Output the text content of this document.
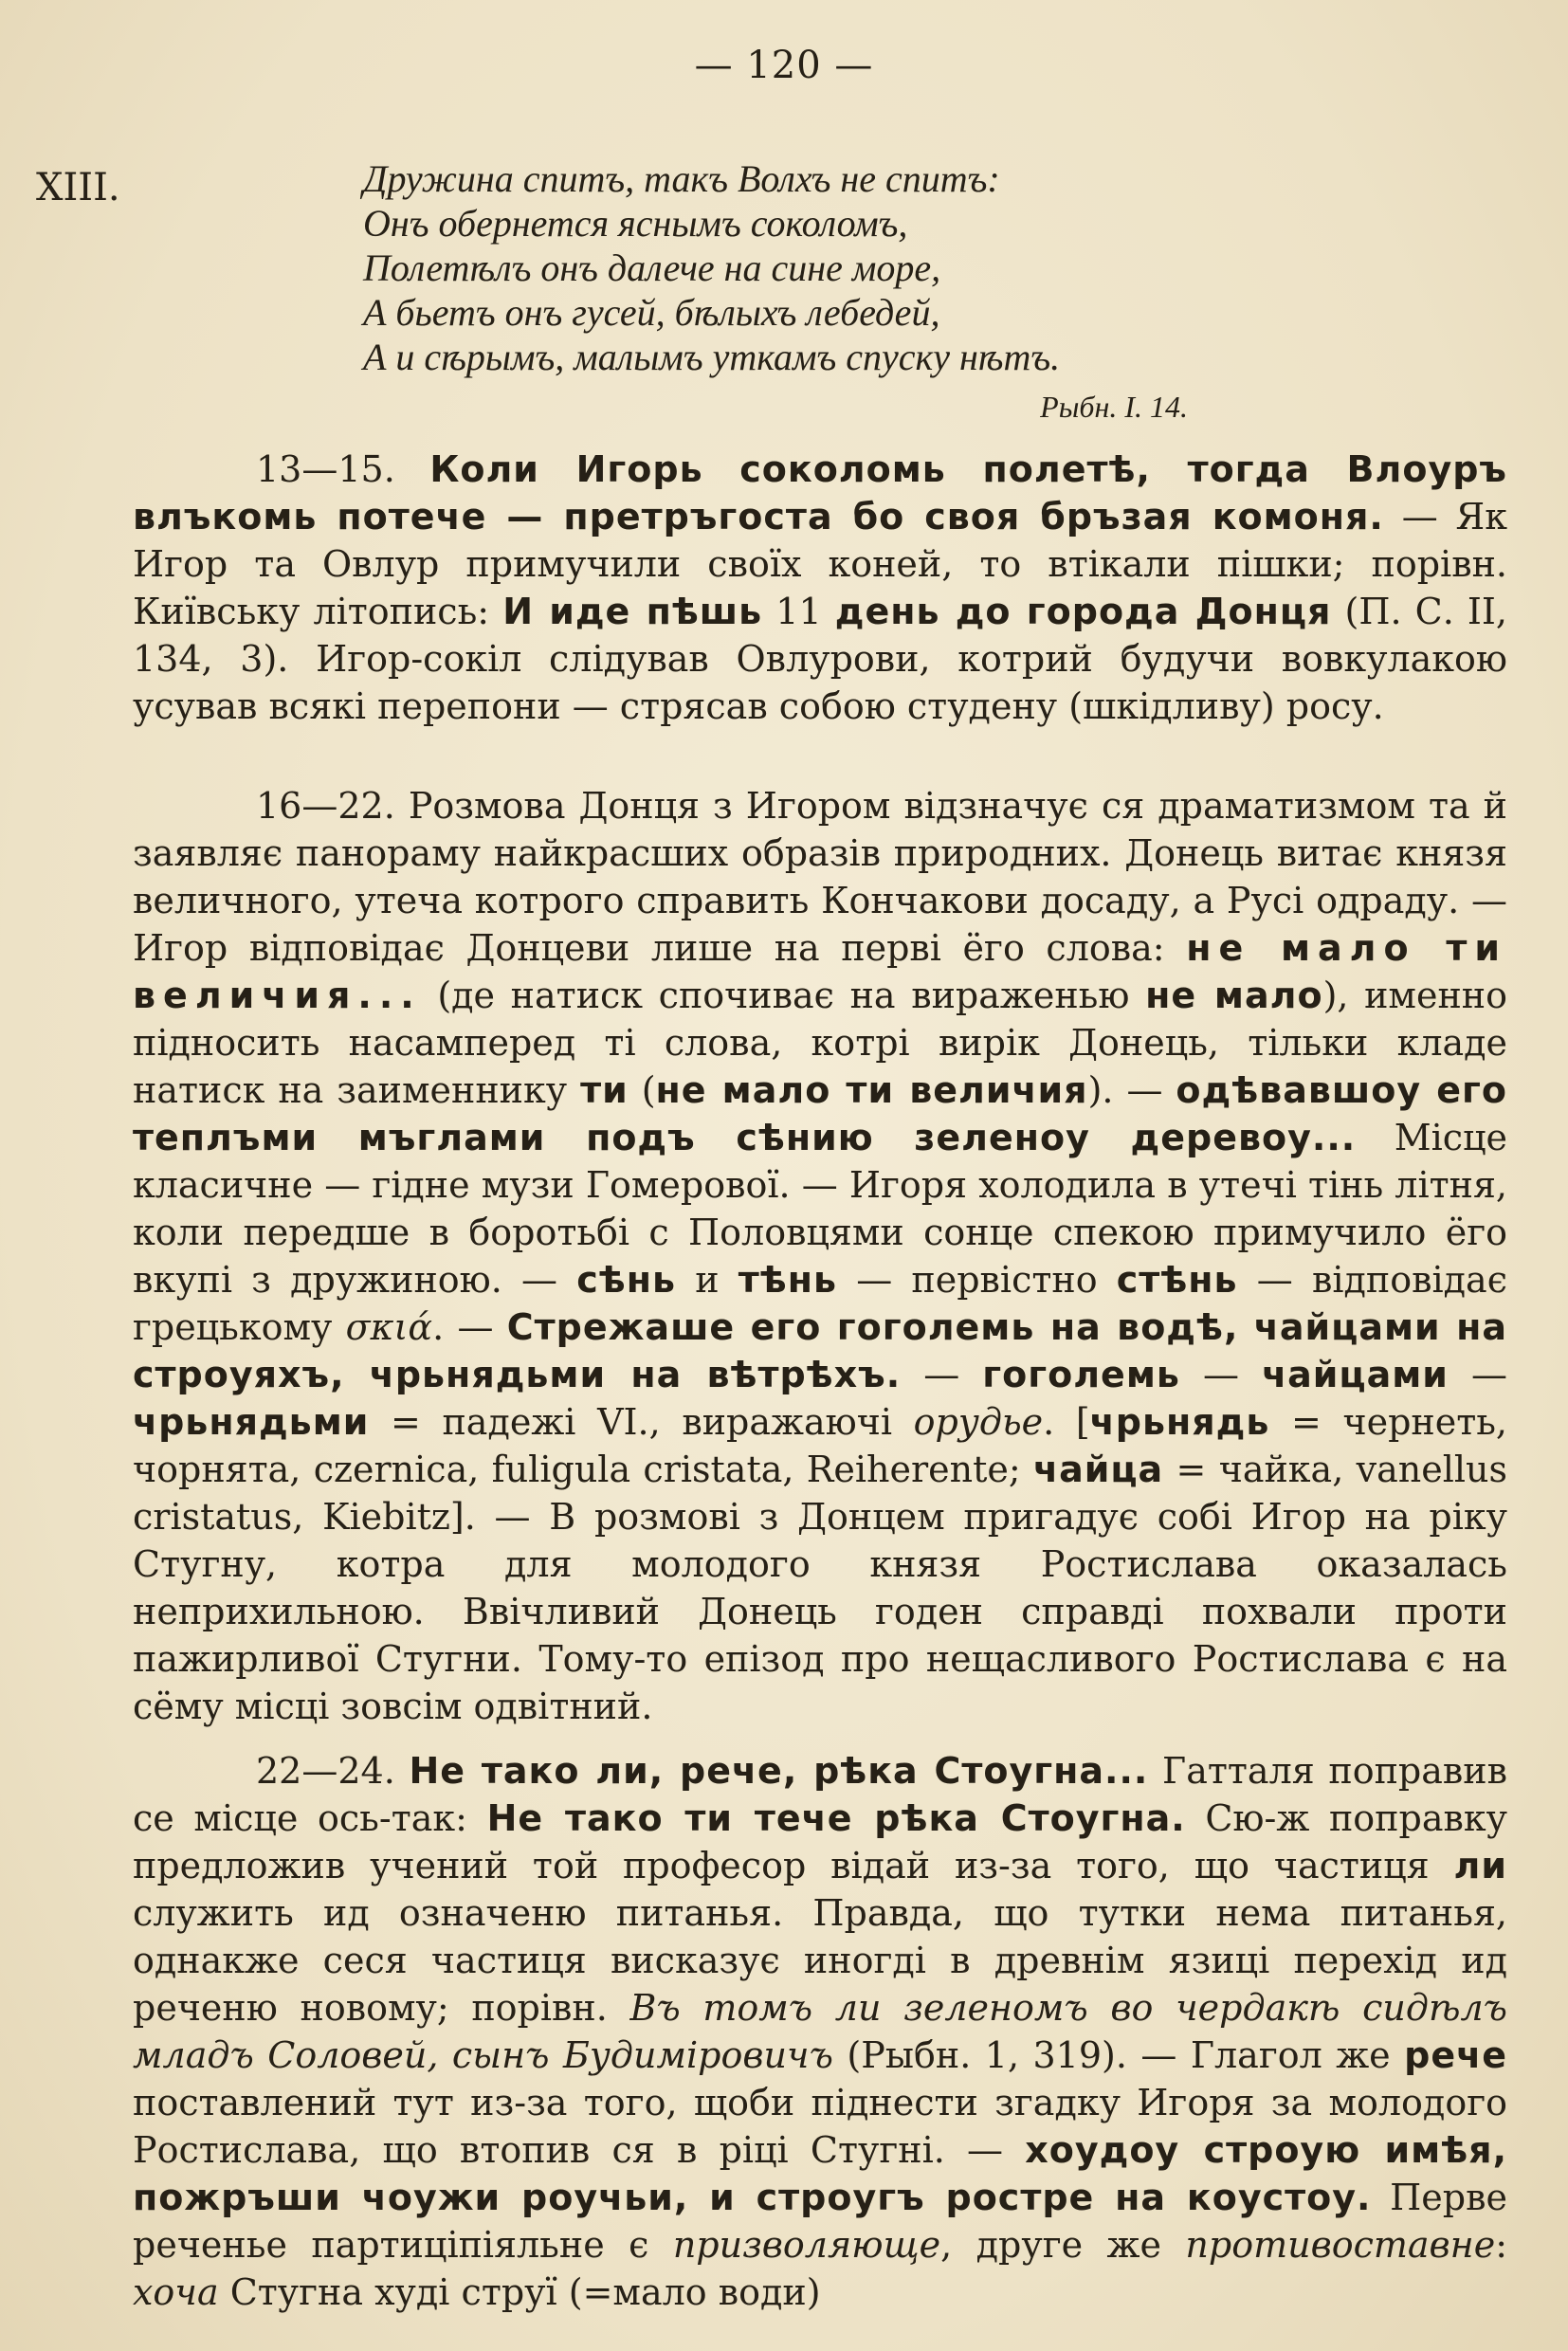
— 120 —
XIII.	Дружина спитъ, такъ Волхъ не спитъ:
Онъ обернется яснымъ соколомъ,
Полетѣлъ онъ далече на сине море,
А бьетъ онъ гусей, бѣлыхъ лебедей,
А и сѣрымъ, малымъ уткамъ спуску нѣтъ.
Рыбн. I. 14.

13—15. Коли Игорь соколомь полетѣ, тогда Влоуръ влъкомь потече — претръгоста бо своя бръзая комоня. — Як Игор та Овлур примучили своїх коней, то втікали пішки; порівн. Київську літопись: И иде пѣшь 11 день до города Донця (П. С. II, 134, 3). Игор-сокіл слідував Овлурови, котрий будучи вовкулакою усував всякі перепони — стрясав собою студену (шкідливу) росу.

16—22. Розмова Донця з Игором відзначує ся драматизмом та й заявляє панораму найкрасших образів природних. Донець витає князя величного, утеча котрого справить Кончакови досаду, а Русі одраду. — Игор відповідає Донцеви лише на перві ёго слова: не мало ти величия... (де натиск спочиває на вираженью не мало), именно підносить насамперед ті слова, котрі вирік Донець, тільки кладе натиск на заименнику ти (не мало ти величия). — одѣвавшоу его теплъми мъглами подъ сѣнию зеленоу деревоу... Місце класичне — гідне музи Гомерової. — Игоря холодила в утечі тінь літня, коли передше в боротьбі с Половцями сонце спекою примучило ёго вкупі з дружиною. — сѣнь и тѣнь — первістно стѣнь — відповідає грецькому σκιά. — Стрежаше его гоголемь на водѣ, чайцами на строуяхъ, чрьнядьми на вѣтрѣхъ. — гоголемь — чайцами — чрьнядьми = падежі VI., виражаючі орудье. [чрьнядь = чернеть, чорнята, czernica, fuligula cristata, Reiherente; чайца = чайка, vanellus cristatus, Kiebitz]. — В розмові з Донцем пригадує собі Игор на ріку Стугну, котра для молодого князя Ростислава оказалась неприхильною. Ввічливий Донець годен справді похвали проти пажирливої Стугни. Тому-то епізод про нещасливого Ростислава є на сёму місці зовсім одвітний.

22—24. Не тако ли, рече, рѣка Стоугна... Гатталя поправив се місце ось-так: Не тако ти тече рѣка Стоугна. Сю-ж поправку предложив учений той професор відай из-за того, що частиця ли служить ид означеню питанья. Правда, що тутки нема питанья, однакже сеся частиця висказує иногді в древнім язиці перехід ид реченю новому; порівн. Въ томъ ли зеленомъ во чердакѣ сидѣлъ младъ Соловей, сынъ Будимiровичъ (Рыбн. 1, 319). — Глагол же рече поставлений тут из-за того, щоби піднести згадку Игоря за молодого Ростислава, що втопив ся в ріці Стугні. — хоудоу строую имѣя, пожръши чоужи роучьи, и строугъ ростре на коустоу. Перве реченье партиціпіяльне є призволяюще, друге же противоставне: хоча Стугна худі струї (=мало води)
